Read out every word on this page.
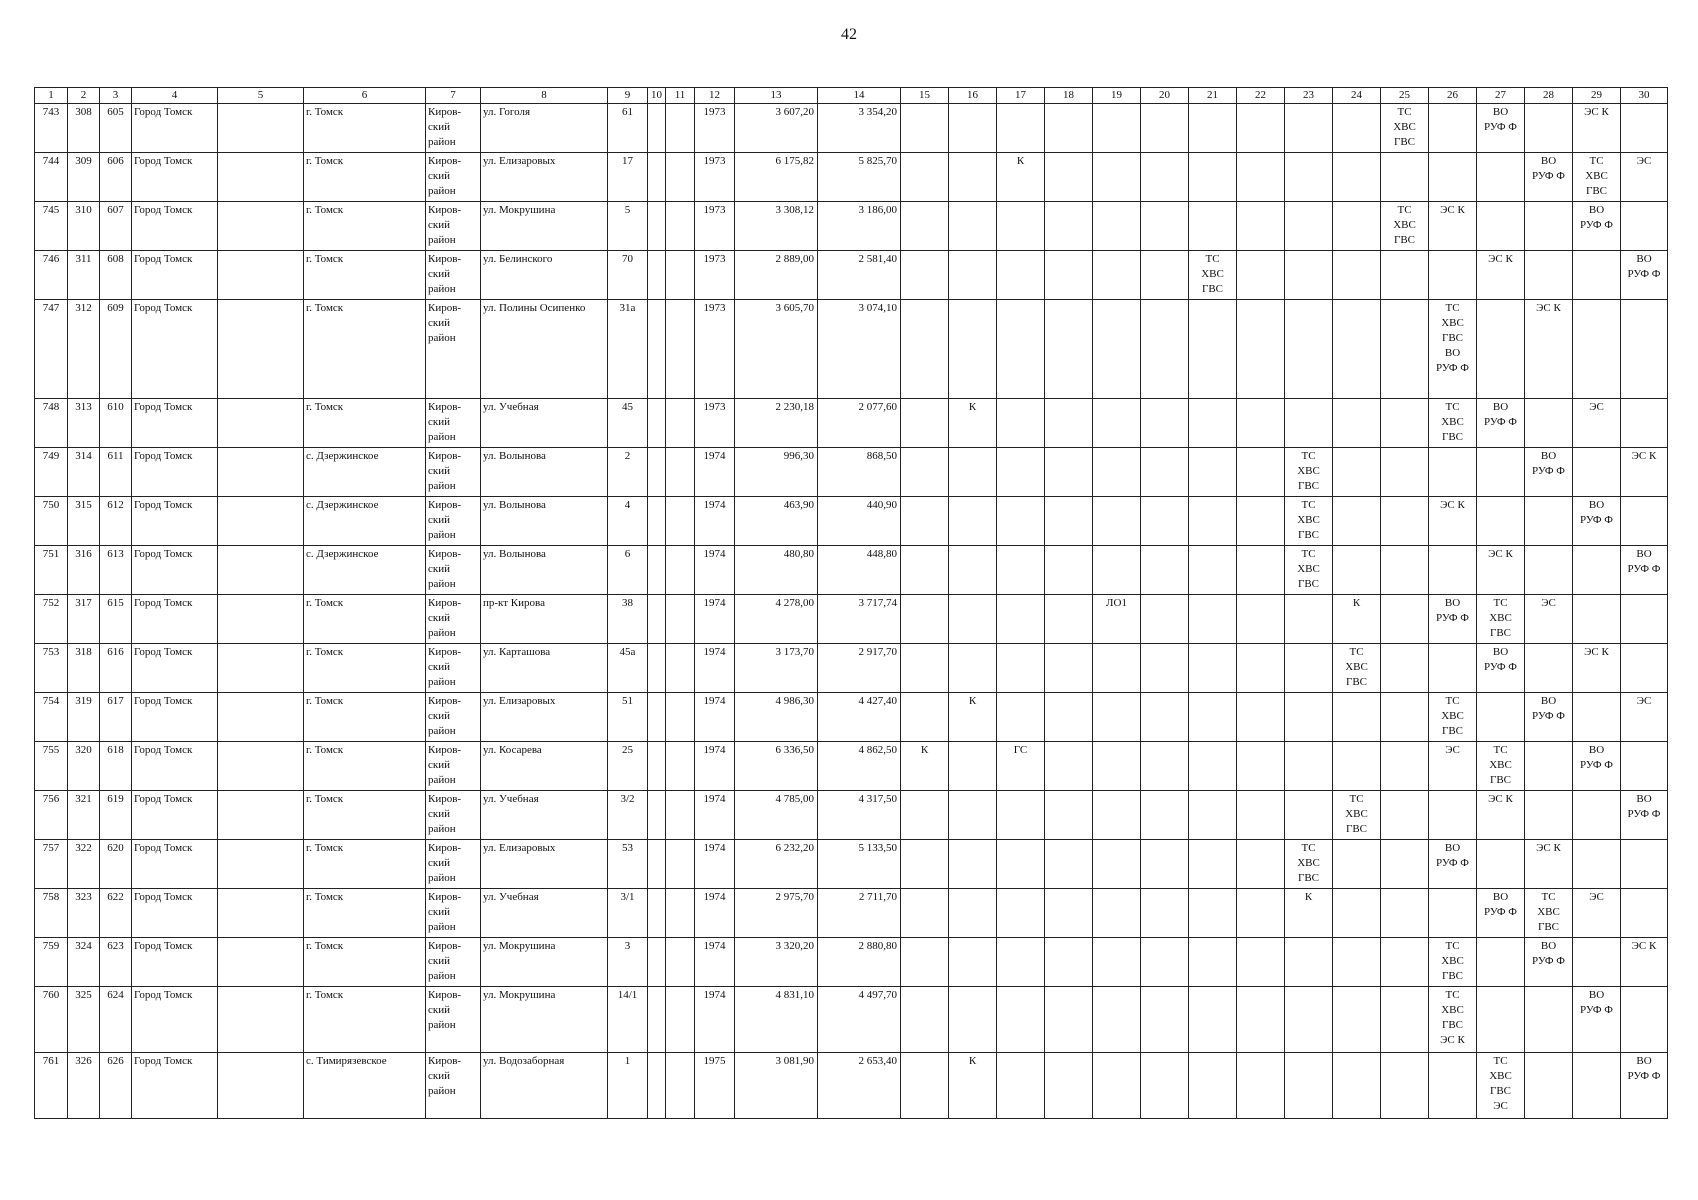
42
1	2	3	4	5	6	7	8	9	10	11	12	13	14	15	16	17	18	19	20	21	22	23	24	25	26	27	28	29	30
743	308	605	Город Томск		г. Томск	Киров-
ский
район	ул. Гоголя	61			1973	3 607,20	3 354,20											ТС
ХВС
ГВС		ВО
РУФ Ф		ЭС К	
744	309	606	Город Томск		г. Томск	Киров-
ский
район	ул. Елизаровых	17			1973	6 175,82	5 825,70			К											ВО
РУФ Ф	ТС
ХВС
ГВС	ЭС
745	310	607	Город Томск		г. Томск	Киров-
ский
район	ул. Мокрушина	5			1973	3 308,12	3 186,00											ТС
ХВС
ГВС	ЭС К			ВО
РУФ Ф	
746	311	608	Город Томск		г. Томск	Киров-
ский
район	ул. Белинского	70			1973	2 889,00	2 581,40							ТС
ХВС
ГВС						ЭС К			ВО
РУФ Ф
747	312	609	Город Томск		г. Томск	Киров-
ский
район	ул. Полины Осипенко	31а			1973	3 605,70	3 074,10												ТС
ХВС
ГВС
ВО
РУФ Ф		ЭС К		
748	313	610	Город Томск		г. Томск	Киров-
ский
район	ул. Учебная	45			1973	2 230,18	2 077,60		К										ТС
ХВС
ГВС	ВО
РУФ Ф		ЭС	
749	314	611	Город Томск		с. Дзержинское	Киров-
ский
район	ул. Волынова	2			1974	996,30	868,50									ТС
ХВС
ГВС					ВО
РУФ Ф		ЭС К
750	315	612	Город Томск		с. Дзержинское	Киров-
ский
район	ул. Волынова	4			1974	463,90	440,90									ТС
ХВС
ГВС			ЭС К			ВО
РУФ Ф	
751	316	613	Город Томск		с. Дзержинское	Киров-
ский
район	ул. Волынова	6			1974	480,80	448,80									ТС
ХВС
ГВС				ЭС К			ВО
РУФ Ф
752	317	615	Город Томск		г. Томск	Киров-
ский
район	пр-кт Кирова	38			1974	4 278,00	3 717,74					ЛО1					К		ВО
РУФ Ф	ТС
ХВС
ГВС	ЭС		
753	318	616	Город Томск		г. Томск	Киров-
ский
район	ул. Карташова	45а			1974	3 173,70	2 917,70										ТС
ХВС
ГВС			ВО
РУФ Ф		ЭС К	
754	319	617	Город Томск		г. Томск	Киров-
ский
район	ул. Елизаровых	51			1974	4 986,30	4 427,40		К										ТС
ХВС
ГВС		ВО
РУФ Ф		ЭС
755	320	618	Город Томск		г. Томск	Киров-
ский
район	ул. Косарева	25			1974	6 336,50	4 862,50	К		ГС									ЭС	ТС
ХВС
ГВС		ВО
РУФ Ф	
756	321	619	Город Томск		г. Томск	Киров-
ский
район	ул. Учебная	3/2			1974	4 785,00	4 317,50										ТС
ХВС
ГВС			ЭС К			ВО
РУФ Ф
757	322	620	Город Томск		г. Томск	Киров-
ский
район	ул. Елизаровых	53			1974	6 232,20	5 133,50									ТС
ХВС
ГВС			ВО
РУФ Ф		ЭС К		
758	323	622	Город Томск		г. Томск	Киров-
ский
район	ул. Учебная	3/1			1974	2 975,70	2 711,70									К				ВО
РУФ Ф	ТС
ХВС
ГВС	ЭС	
759	324	623	Город Томск		г. Томск	Киров-
ский
район	ул. Мокрушина	3			1974	3 320,20	2 880,80												ТС
ХВС
ГВС		ВО
РУФ Ф		ЭС К
760	325	624	Город Томск		г. Томск	Киров-
ский
район	ул. Мокрушина	14/1			1974	4 831,10	4 497,70												ТС
ХВС
ГВС
ЭС К			ВО
РУФ Ф	
761	326	626	Город Томск		с. Тимирязевское	Киров-
ский
район	ул. Водозаборная	1			1975	3 081,90	2 653,40		К											ТС
ХВС
ГВС
ЭС			ВО
РУФ Ф
